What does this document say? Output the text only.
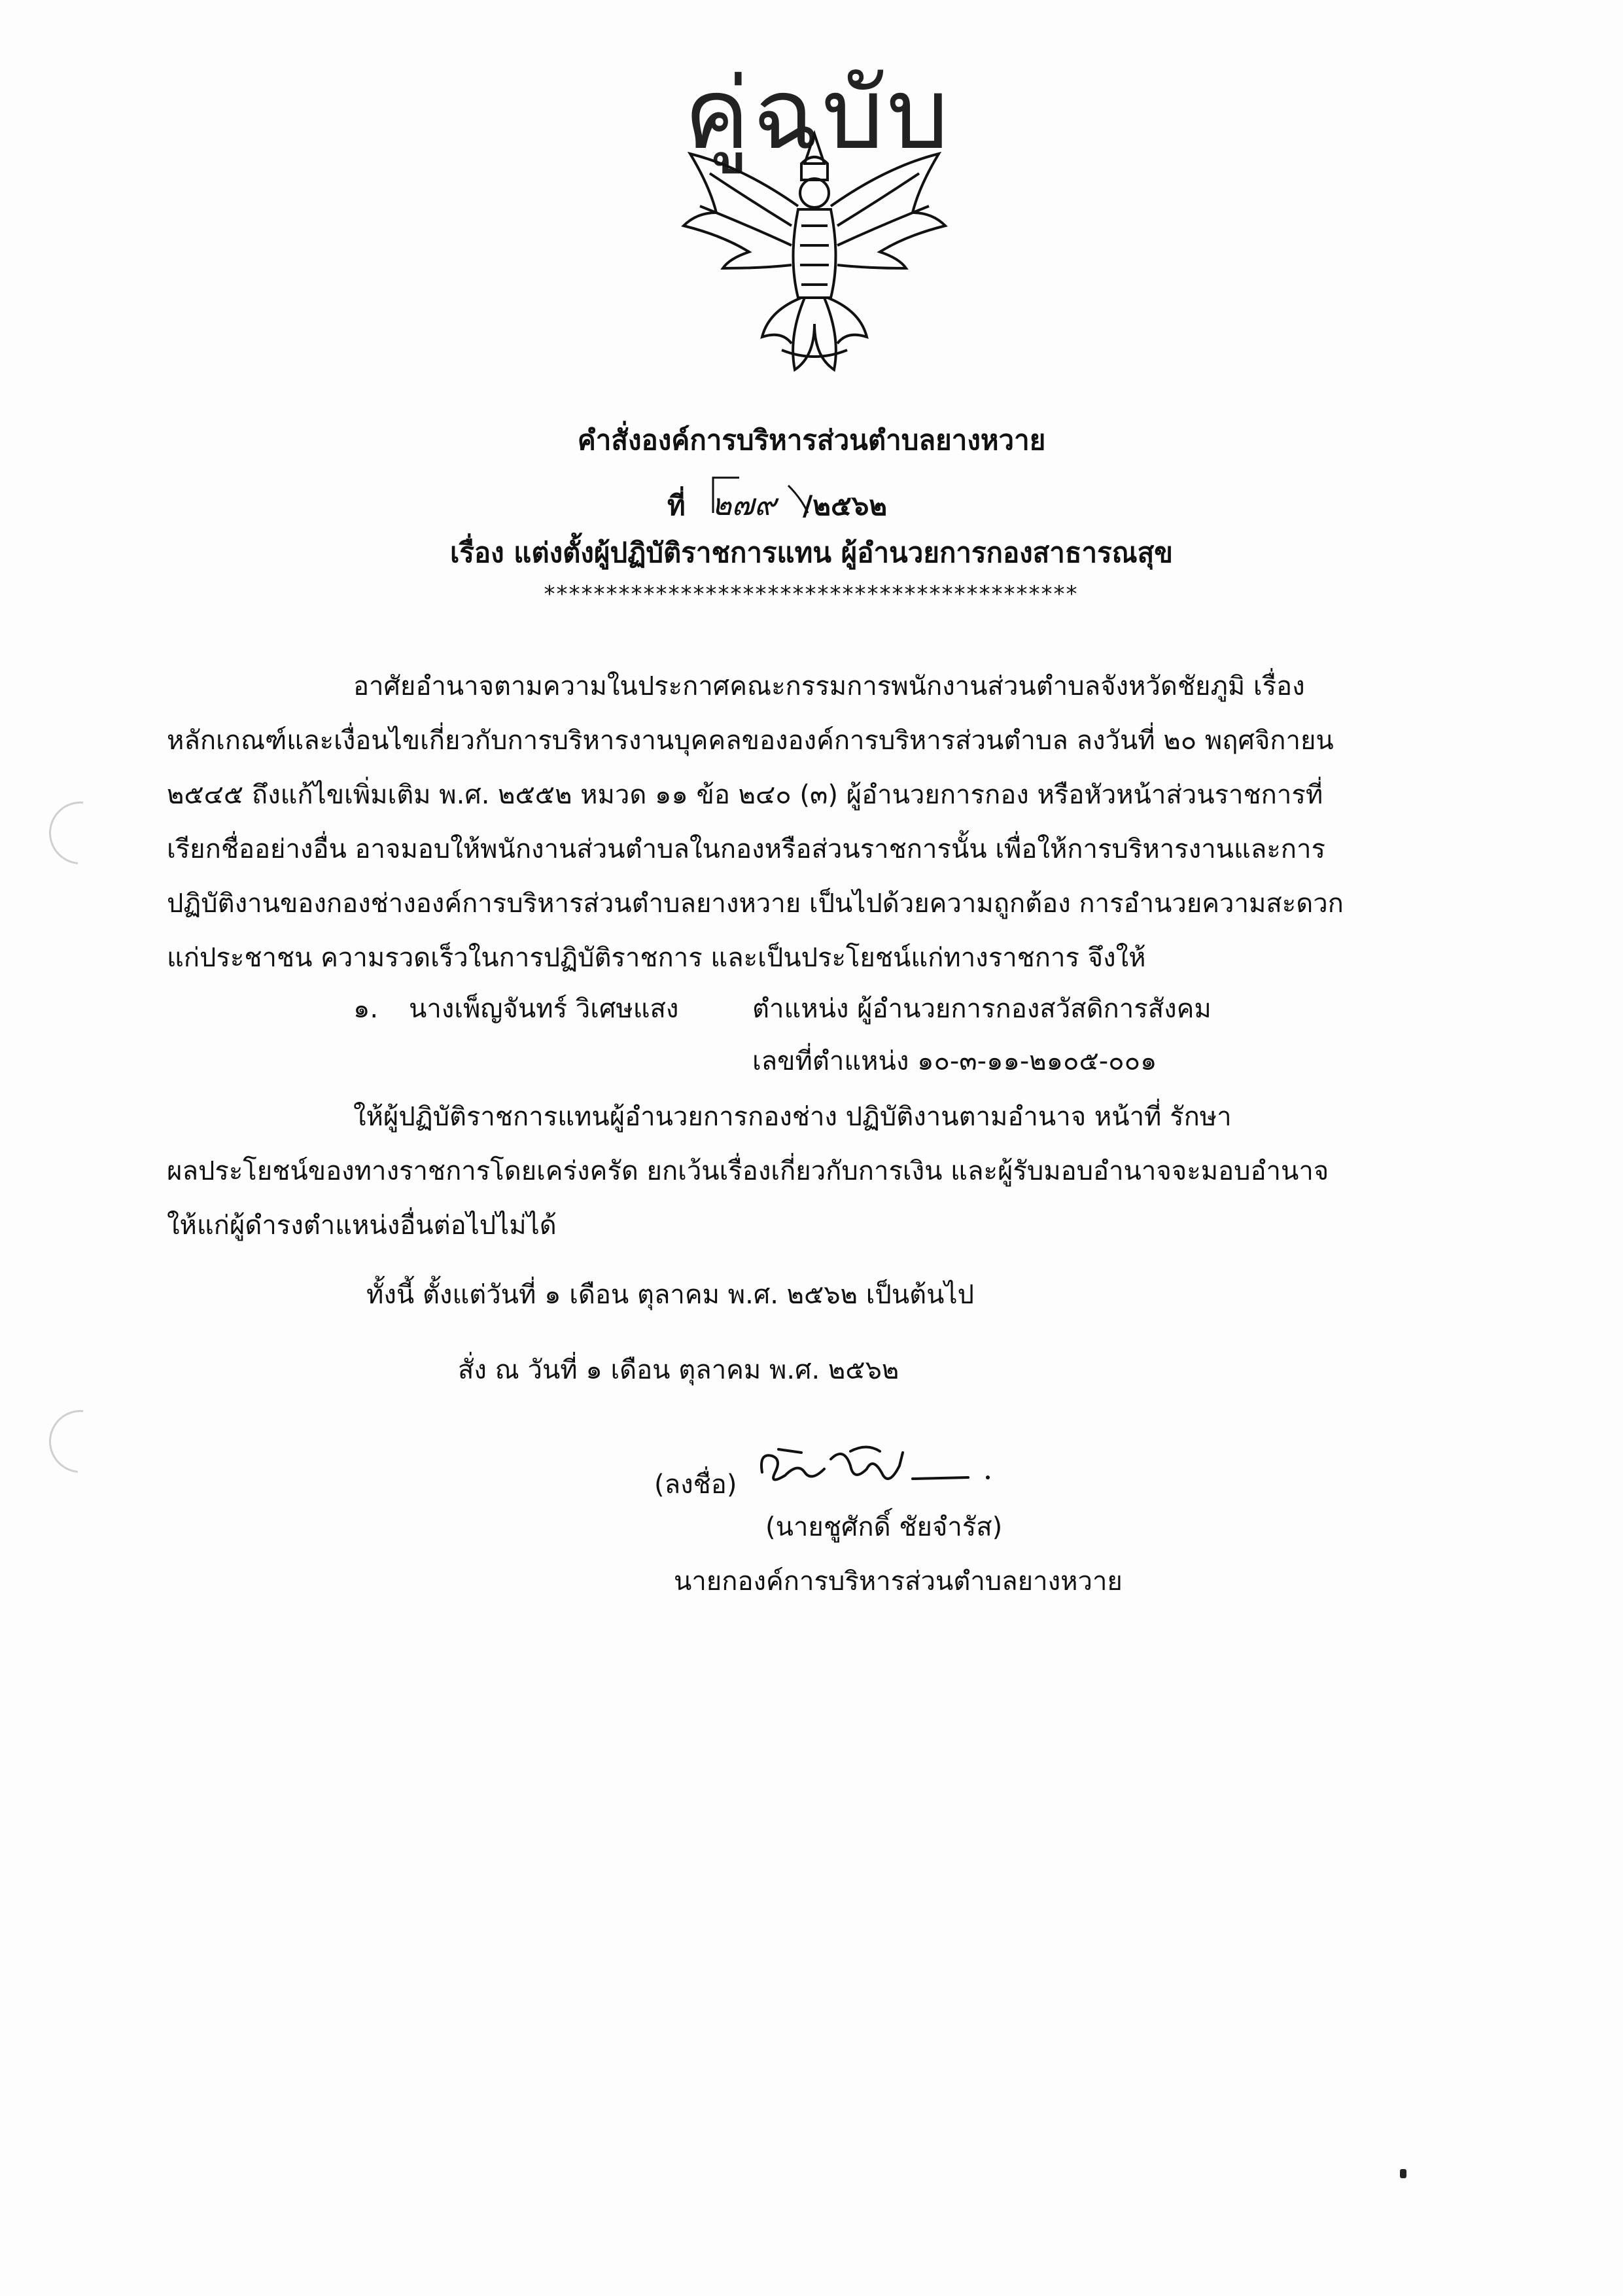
คู่ฉบับ
คำสั่งองค์การบริหารส่วนตำบลยางหวาย
ที่ ๒๗๙ /๒๕๖๒
เรื่อง แต่งตั้งผู้ปฏิบัติราชการแทน ผู้อำนวยการกองสาธารณสุข
*******************************************
อาศัยอำนาจตามความในประกาศคณะกรรมการพนักงานส่วนตำบลจังหวัดชัยภูมิ เรื่อง
หลักเกณฑ์และเงื่อนไขเกี่ยวกับการบริหารงานบุคคลขององค์การบริหารส่วนตำบล ลงวันที่ ๒๐ พฤศจิกายน
๒๕๔๕ ถึงแก้ไขเพิ่มเติม พ.ศ. ๒๕๕๒ หมวด ๑๑ ข้อ ๒๔๐ (๓) ผู้อำนวยการกอง หรือหัวหน้าส่วนราชการที่
เรียกชื่ออย่างอื่น อาจมอบให้พนักงานส่วนตำบลในกองหรือส่วนราชการนั้น เพื่อให้การบริหารงานและการ
ปฏิบัติงานของกองช่างองค์การบริหารส่วนตำบลยางหวาย เป็นไปด้วยความถูกต้อง การอำนวยความสะดวก
แก่ประชาชน ความรวดเร็วในการปฏิบัติราชการ และเป็นประโยชน์แก่ทางราชการ จึงให้
๑. นางเพ็ญจันทร์ วิเศษแสง	ตำแหน่ง ผู้อำนวยการกองสวัสดิการสังคม
เลขที่ตำแหน่ง ๑๐-๓-๑๑-๒๑๐๕-๐๐๑
ให้ผู้ปฏิบัติราชการแทนผู้อำนวยการกองช่าง ปฏิบัติงานตามอำนาจ หน้าที่ รักษา
ผลประโยชน์ของทางราชการโดยเคร่งครัด ยกเว้นเรื่องเกี่ยวกับการเงิน และผู้รับมอบอำนาจจะมอบอำนาจ
ให้แก่ผู้ดำรงตำแหน่งอื่นต่อไปไม่ได้
ทั้งนี้ ตั้งแต่วันที่ ๑ เดือน ตุลาคม พ.ศ. ๒๕๖๒ เป็นต้นไป
สั่ง ณ วันที่ ๑ เดือน ตุลาคม พ.ศ. ๒๕๖๒
(ลงชื่อ)
(นายชูศักดิ์ ชัยจำรัส)
นายกองค์การบริหารส่วนตำบลยางหวาย
